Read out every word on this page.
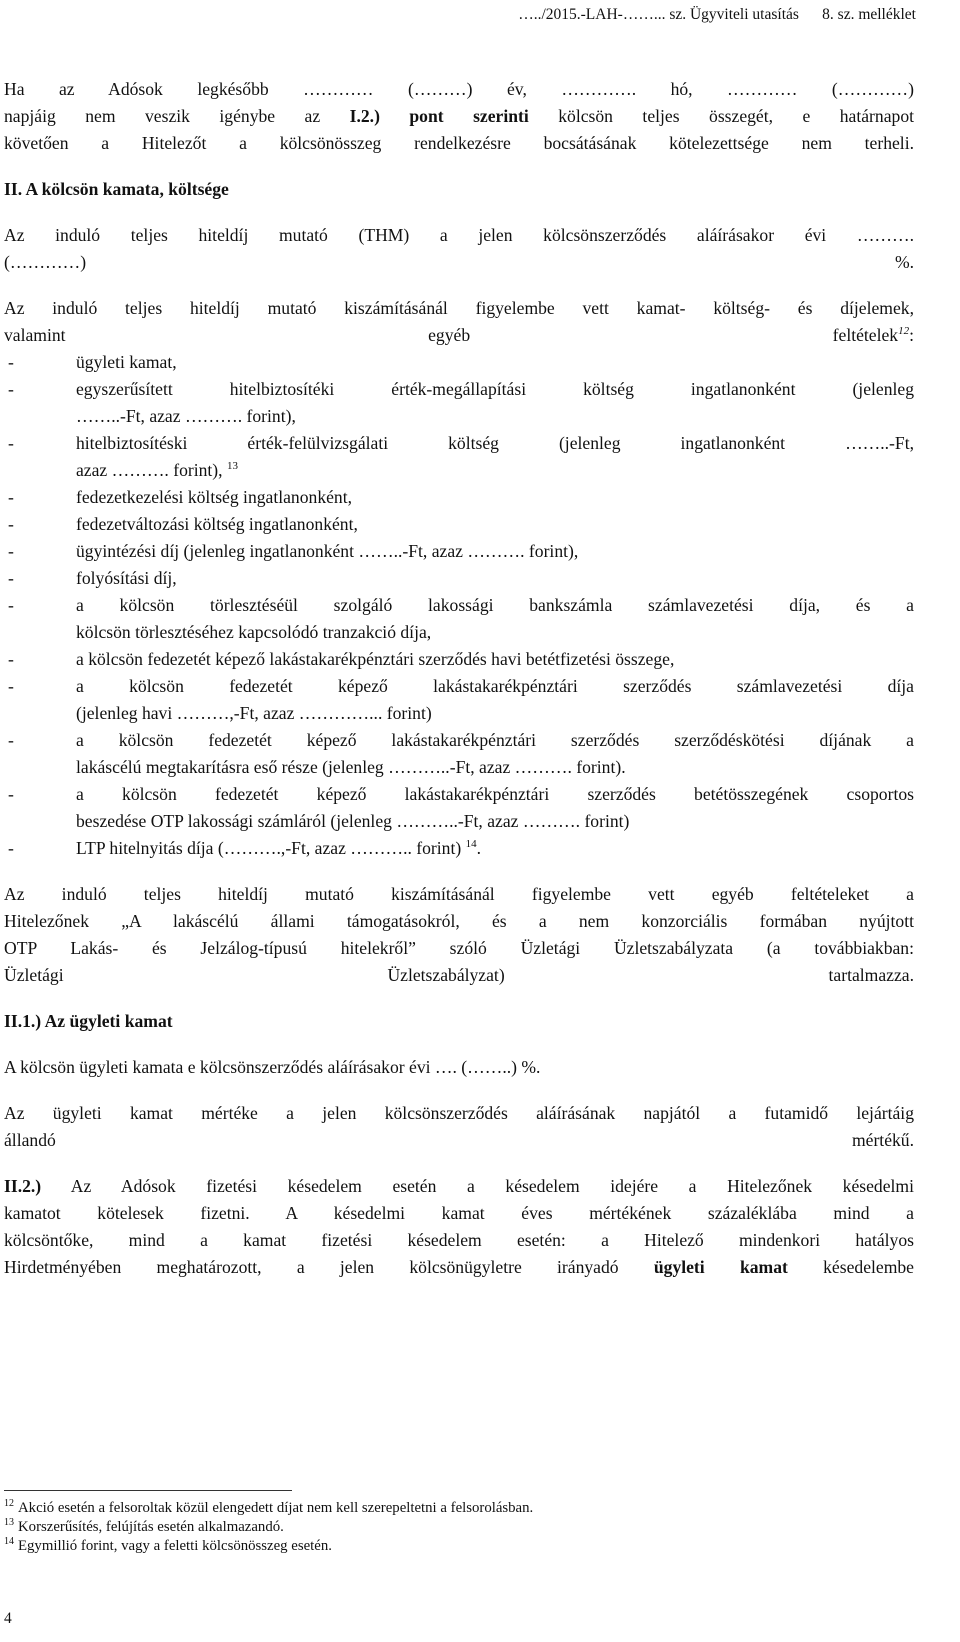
…../2015.-LAH-……... sz. Ügyviteli utasítás      8. sz. melléklet

Ha az Adósok legkésőbb ………… (………) év, …………. hó, ………… (…………)
napjáig nem veszik igénybe az I.2.) pont szerinti kölcsön teljes összegét, e határnapot
követően a Hitelezőt a kölcsönösszeg rendelkezésre bocsátásának kötelezettsége nem terheli.

II. A kölcsön kamata, költsége

Az induló teljes hiteldíj mutató (THM) a jelen kölcsönszerződés aláírásakor évi ……….
(…………) %.

Az induló teljes hiteldíj mutató kiszámításánál figyelembe vett kamat- költség- és díjelemek,
valamint egyéb feltételek$^{12}$:

-	ügyleti kamat,
-	egyszerűsített hitelbiztosítéki érték-megállapítási költség ingatlanonként (jelenleg
……..-Ft, azaz ………. forint),
-	hitelbiztosítéski érték-felülvizsgálati költség (jelenleg ingatlanonként ……..-Ft,
azaz ………. forint), $^{13}$
-	fedezetkezelési költség ingatlanonként,
-	fedezetváltozási költség ingatlanonként,
-	ügyintézési díj (jelenleg ingatlanonként ……..-Ft, azaz ………. forint),
-	folyósítási díj,
-	a kölcsön törlesztéséül szolgáló lakossági bankszámla számlavezetési díja, és a
kölcsön törlesztéséhez kapcsolódó tranzakció díja,
-	a kölcsön fedezetét képező lakástakarékpénztári szerződés havi betétfizetési összege,
-	a kölcsön fedezetét képező lakástakarékpénztári szerződés számlavezetési díja
(jelenleg havi ………,-Ft, azaz …………... forint)
-	a kölcsön fedezetét képező lakástakarékpénztári szerződés szerződéskötési díjának a
lakáscélú megtakarításra eső része (jelenleg ………..-Ft, azaz ………. forint).
-	a kölcsön fedezetét képező lakástakarékpénztári szerződés betétösszegének csoportos
beszedése OTP lakossági számláról (jelenleg ………..-Ft, azaz ………. forint)
-	LTP hitelnyitás díja (……….,-Ft, azaz ……….. forint) $^{14}$.

Az induló teljes hiteldíj mutató kiszámításánál figyelembe vett egyéb feltételeket a
Hitelezőnek „A lakáscélú állami támogatásokról, és a nem konzorciális formában nyújtott
OTP Lakás- és Jelzálog-típusú hitelekről” szóló Üzletági Üzletszabályzata (a továbbiakban:
Üzletági Üzletszabályzat) tartalmazza.

II.1.) Az ügyleti kamat

A kölcsön ügyleti kamata e kölcsönszerződés aláírásakor évi …. (……..) %.

Az ügyleti kamat mértéke a jelen kölcsönszerződés aláírásának napjától a futamidő lejártáig
állandó mértékű.

II.2.) Az Adósok fizetési késedelem esetén a késedelem idejére a Hitelezőnek késedelmi
kamatot kötelesek fizetni. A késedelmi kamat éves mértékének százaléklába mind a
kölcsöntőke, mind a kamat fizetési késedelem esetén: a Hitelező mindenkori hatályos
Hirdetményében meghatározott, a jelen kölcsönügyletre irányadó ügyleti kamat késedelembe

$^{12}$ Akció esetén a felsoroltak közül elengedett díjat nem kell szerepeltetni a felsorolásban.

$^{13}$ Korszerűsítés, felújítás esetén alkalmazandó.

$^{14}$ Egymillió forint, vagy a feletti kölcsönösszeg esetén.

4
